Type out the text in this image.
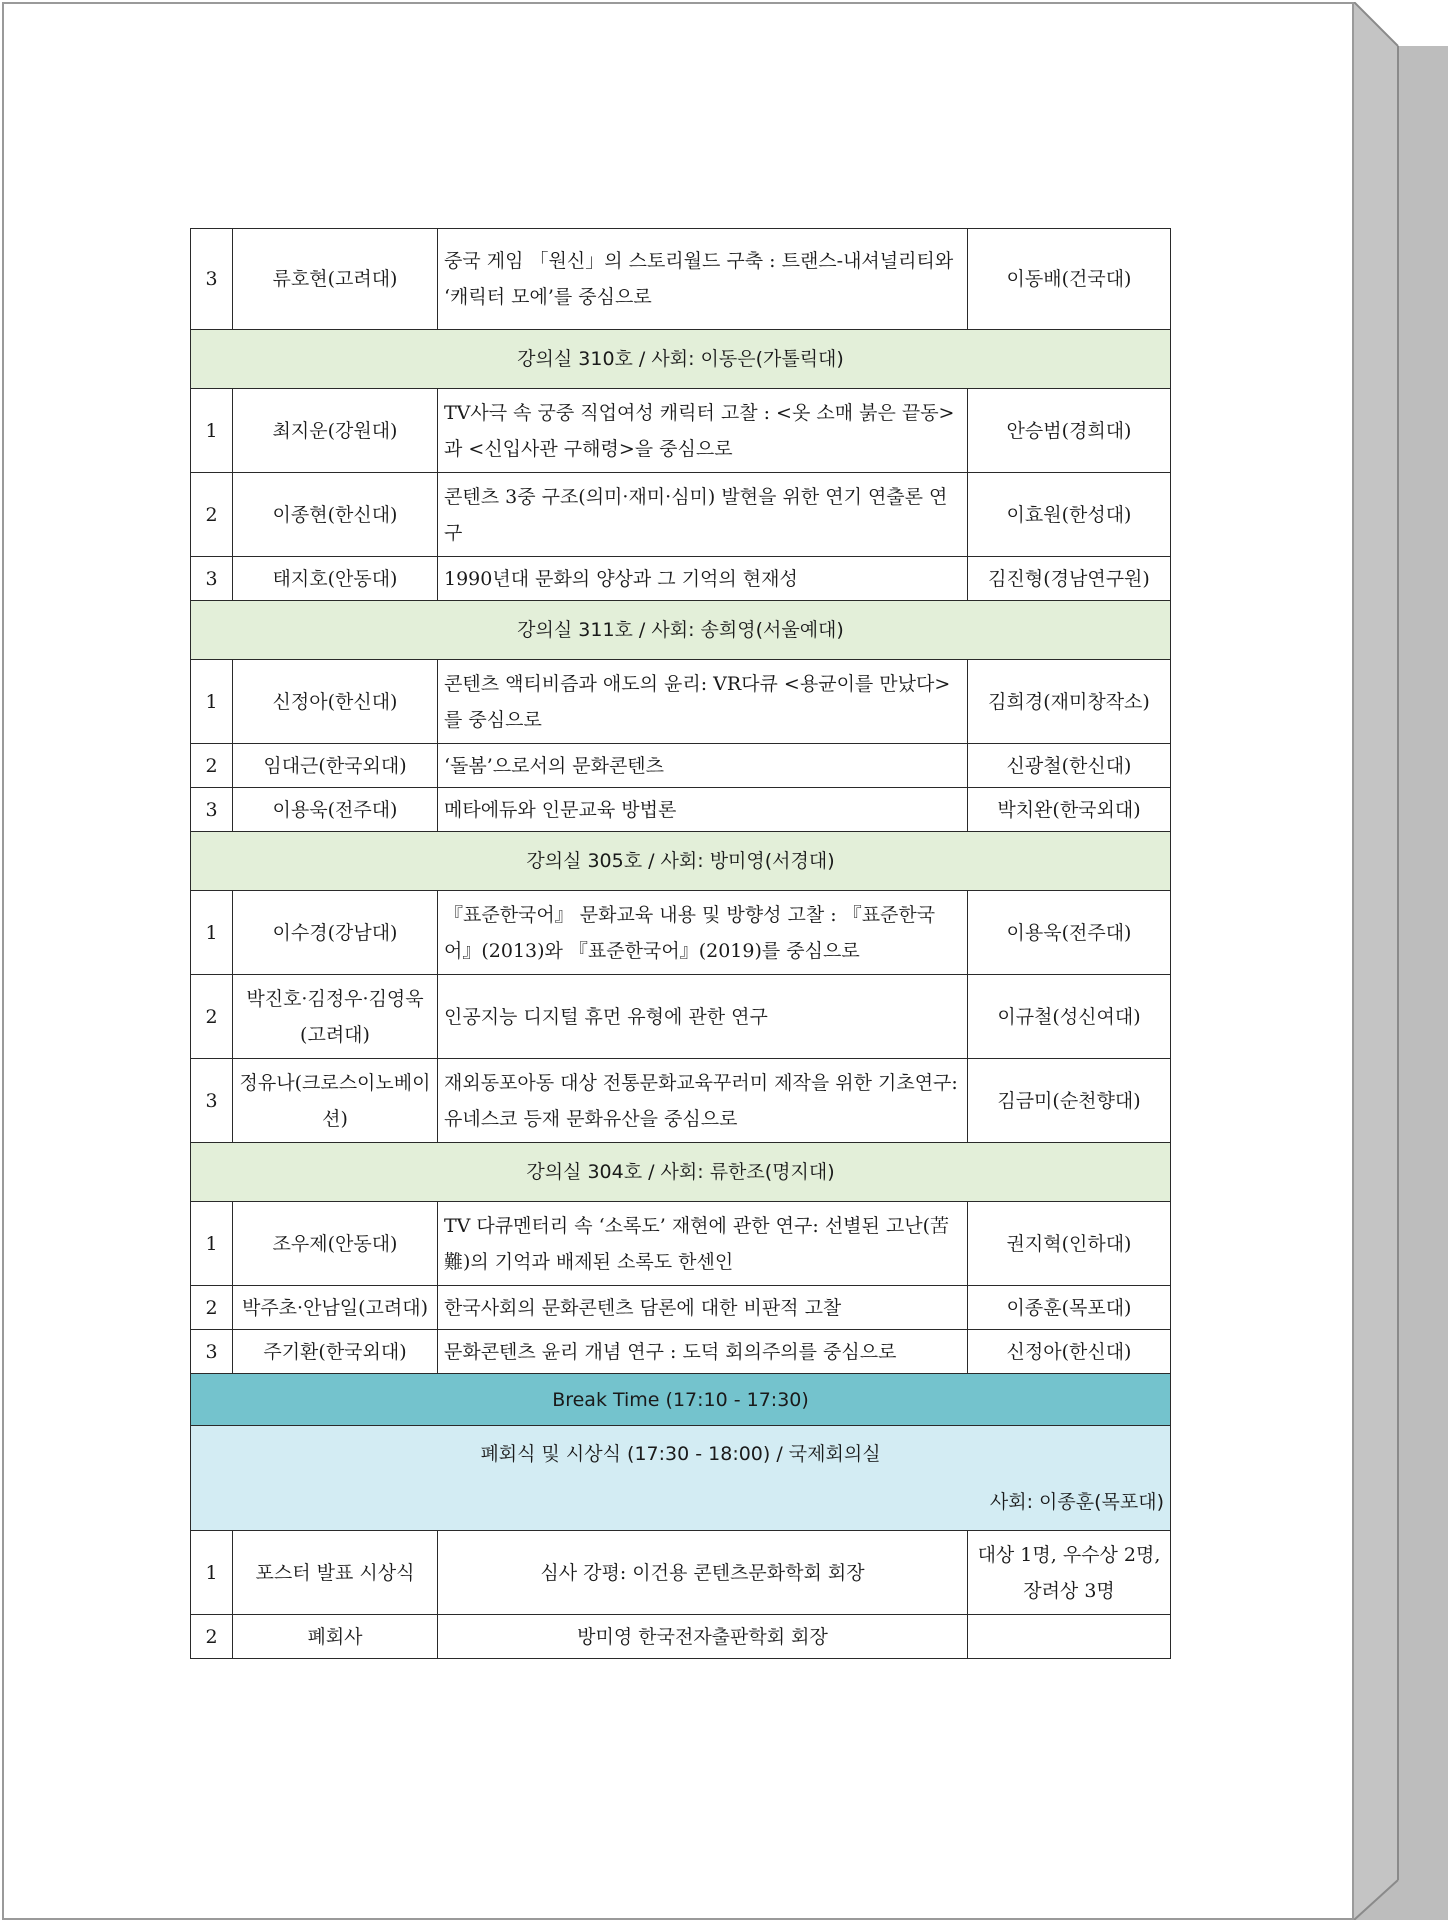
3	류호현(고려대)	중국 게임 「원신」의 스토리월드 구축 : 트랜스-내셔널리티와 ‘캐릭터 모에’를 중심으로	이동배(건국대)
강의실 310호 / 사회: 이동은(가톨릭대)			
1	최지운(강원대)	TV사극 속 궁중 직업여성 캐릭터 고찰 : <옷 소매 붉은 끝동>과 <신입사관 구해령>을 중심으로	안승범(경희대)
2	이종현(한신대)	콘텐츠 3중 구조(의미·재미·심미) 발현을 위한 연기 연출론 연구	이효원(한성대)
3	태지호(안동대)	1990년대 문화의 양상과 그 기억의 현재성	김진형(경남연구원)
강의실 311호 / 사회: 송희영(서울예대)			
1	신정아(한신대)	콘텐츠 액티비즘과 애도의 윤리: VR다큐 <용균이를 만났다>를 중심으로	김희경(재미창작소)
2	임대근(한국외대)	‘돌봄’으로서의 문화콘텐츠	신광철(한신대)
3	이용욱(전주대)	메타에듀와 인문교육 방법론	박치완(한국외대)
강의실 305호 / 사회: 방미영(서경대)			
1	이수경(강남대)	『표준한국어』 문화교육 내용 및 방향성 고찰 : 『표준한국어』(2013)와 『표준한국어』(2019)를 중심으로	이용욱(전주대)
2	박진호·김정우·김영욱(고려대)	인공지능 디지털 휴먼 유형에 관한 연구	이규철(성신여대)
3	정유나(크로스이노베이션)	재외동포아동 대상 전통문화교육꾸러미 제작을 위한 기초연구: 유네스코 등재 문화유산을 중심으로	김금미(순천향대)
강의실 304호 / 사회: 류한조(명지대)			
1	조우제(안동대)	TV 다큐멘터리 속 ‘소록도’ 재현에 관한 연구: 선별된 고난(苦難)의 기억과 배제된 소록도 한센인	권지혁(인하대)
2	박주초·안남일(고려대)	한국사회의 문화콘텐츠 담론에 대한 비판적 고찰	이종훈(목포대)
3	주기환(한국외대)	문화콘텐츠 윤리 개념 연구 : 도덕 회의주의를 중심으로	신정아(한신대)
Break Time (17:10 - 17:30)			

폐회식 및 시상식 (17:30 - 18:00) / 국제회의실
사회: 이종훈(목포대)			

1	포스터 발표 시상식	심사 강평: 이건용 콘텐츠문화학회 회장	대상 1명, 우수상 2명, 장려상 3명
2	폐회사	방미영 한국전자출판학회 회장	
